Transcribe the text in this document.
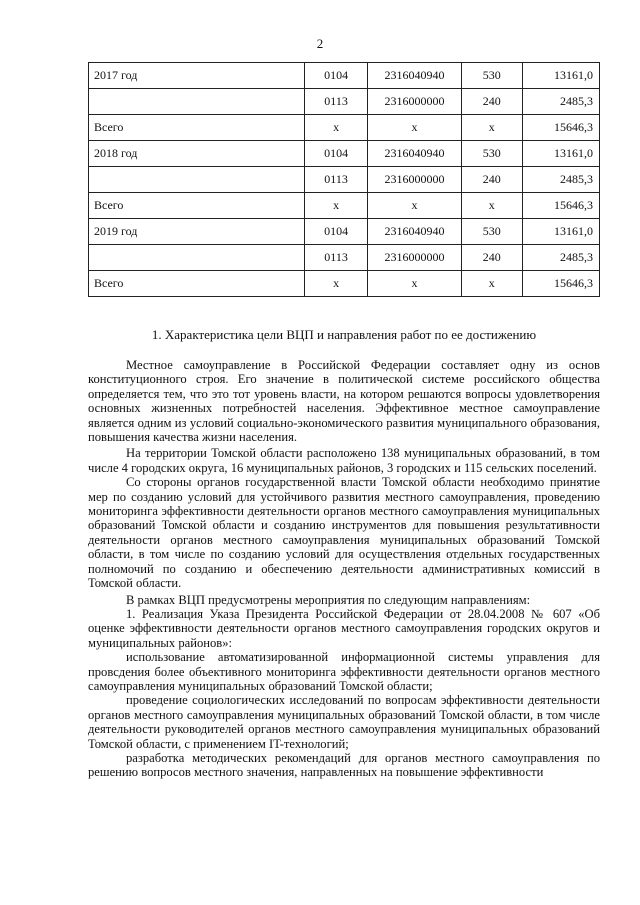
2
2017 год	0104	2316040940	530	13161,0
	0113	2316000000	240	2485,3
Всего	х	х	х	15646,3
2018 год	0104	2316040940	530	13161,0
	0113	2316000000	240	2485,3
Всего	х	х	х	15646,3
2019 год	0104	2316040940	530	13161,0
	0113	2316000000	240	2485,3
Всего	х	х	х	15646,3
1. Характеристика цели ВЦП и направления работ по ее достижению

Местное самоуправление в Российской Федерации составляет одну из основ конституционного строя. Его значение в политической системе российского общества определяется тем, что это тот уровень власти, на котором решаются вопросы удовлетворения основных жизненных потребностей населения. Эффективное местное самоуправление является одним из условий социально-экономического развития муниципального образования, повышения качества жизни населения.

На территории Томской области расположено 138 муниципальных образований, в том числе 4 городских округа, 16 муниципальных районов, 3 городских и 115 сельских поселений.

Со стороны органов государственной власти Томской области необходимо принятие мер по созданию условий для устойчивого развития местного самоуправления, проведению мониторинга эффективности деятельности органов местного самоуправления муниципальных образований Томской области и созданию инструментов для повышения результативности деятельности органов местного самоуправления муниципальных образований Томской области, в том числе по созданию условий для осуществления отдельных государственных полномочий по созданию и обеспечению деятельности административных комиссий в Томской области.

В рамках ВЦП предусмотрены мероприятия по следующим направлениям:

1. Реализация Указа Президента Российской Федерации от 28.04.2008 № 607 «Об оценке эффективности деятельности органов местного самоуправления городских округов и муниципальных районов»:

использование автоматизированной информационной системы управления для провсдения более объективного мониторинга эффективности деятельности органов местного самоуправления муниципальных образований Томской области;

проведение социологических исследований по вопросам эффективности деятельности органов местного самоуправления муниципальных образований Томской области, в том числе деятельности руководителей органов местного самоуправления муниципальных образований Томской области, с применением IT-технологий;

разработка методических рекомендаций для органов местного самоуправления по решению вопросов местного значения, направленных на повышение эффективности
